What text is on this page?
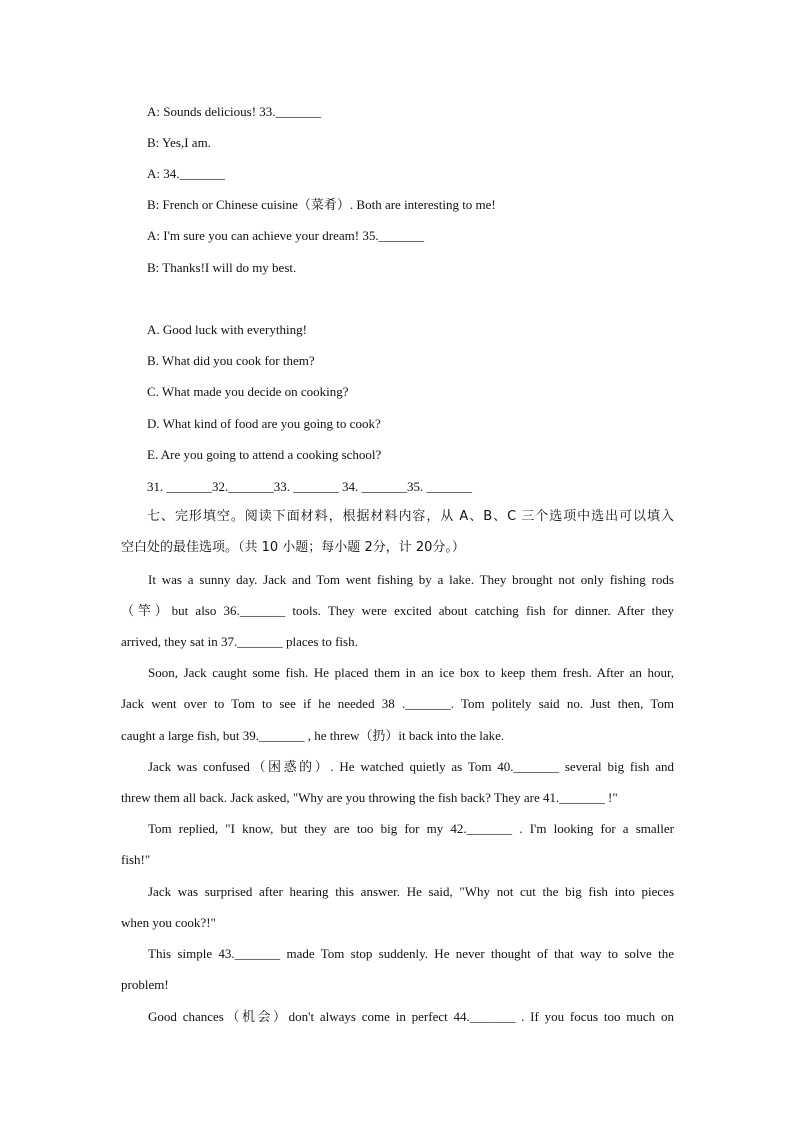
A: Sounds delicious! 33._______
B: Yes,I am.
A: 34._______
B: French or Chinese cuisine（菜肴）. Both are interesting to me!
A: I'm sure you can achieve your dream! 35._______
B: Thanks!I will do my best.
A. Good luck with everything!
B. What did you cook for them?
C. What made you decide on cooking?
D. What kind of food are you going to cook?
E. Are you going to attend a cooking school?
31. _______32._______33. _______ 34. _______35. _______
七、完形填空。阅读下面材料，根据材料内容，从 A、B、C 三个选项中选出可以填入
空白处的最佳选项。（共 10 小题；每小题 2分，计 20分。）
It was a sunny day. Jack and Tom went fishing by a lake. They brought not only fishing rods
（竿）but also 36._______ tools. They were excited about catching fish for dinner. After they
arrived, they sat in 37._______ places to fish.
Soon, Jack caught some fish. He placed them in an ice box to keep them fresh. After an hour,
Jack went over to Tom to see if he needed 38 ._______. Tom politely said no. Just then, Tom
caught a large fish, but 39._______ , he threw（扔）it back into the lake.
Jack was confused（困惑的）. He watched quietly as Tom 40._______ several big fish and
threw them all back. Jack asked, "Why are you throwing the fish back? They are 41._______ !"
Tom replied, "I know, but they are too big for my 42._______ . I'm looking for a smaller
fish!"
Jack was surprised after hearing this answer. He said, "Why not cut the big fish into pieces
when you cook?!"
This simple 43._______ made Tom stop suddenly. He never thought of that way to solve the
problem!
Good chances（机会）don't always come in perfect 44._______ . If you focus too much on
